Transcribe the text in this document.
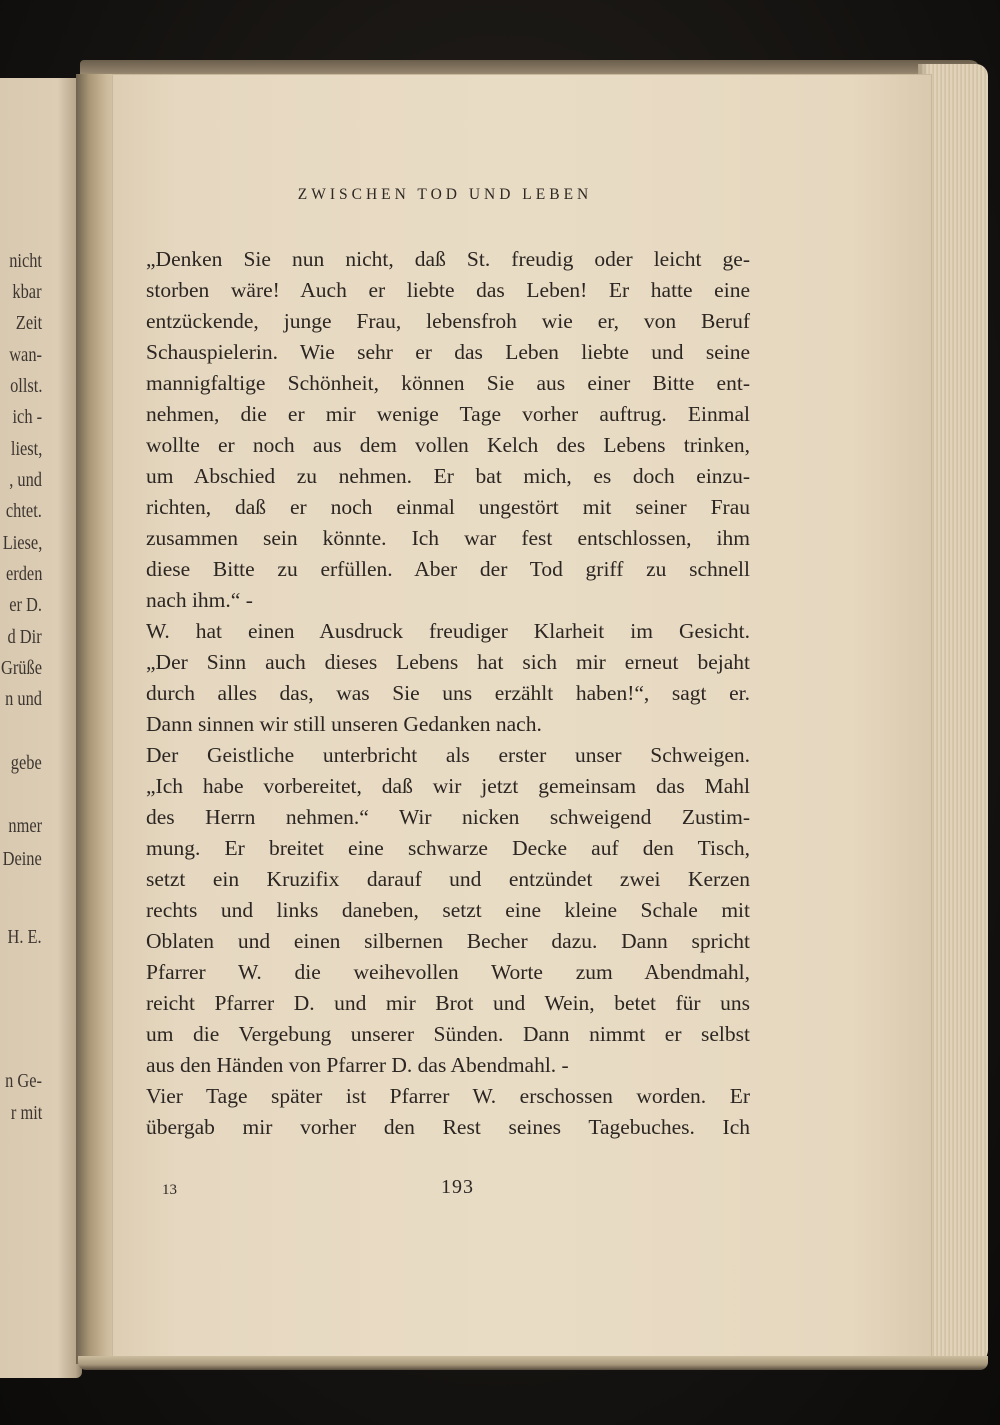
nicht
kbar
Zeit
wan-
ollst.
ich -
liest,
, und
chtet.
Liese,
erden
er D.
d Dir
Grüße
n und
gebe
nmer
Deine
H. E.
n Ge-
r mit
ZWISCHEN TOD UND LEBEN
„Denken Sie nun nicht, daß St. freudig oder leicht ge-
storben wäre! Auch er liebte das Leben! Er hatte eine
entzückende, junge Frau, lebensfroh wie er, von Beruf
Schauspielerin. Wie sehr er das Leben liebte und seine
mannigfaltige Schönheit, können Sie aus einer Bitte ent-
nehmen, die er mir wenige Tage vorher auftrug. Einmal
wollte er noch aus dem vollen Kelch des Lebens trinken,
um Abschied zu nehmen. Er bat mich, es doch einzu-
richten, daß er noch einmal ungestört mit seiner Frau
zusammen sein könnte. Ich war fest entschlossen, ihm
diese Bitte zu erfüllen. Aber der Tod griff zu schnell
nach ihm.“ -
W. hat einen Ausdruck freudiger Klarheit im Gesicht.
„Der Sinn auch dieses Lebens hat sich mir erneut bejaht
durch alles das, was Sie uns erzählt haben!“, sagt er.
Dann sinnen wir still unseren Gedanken nach.
Der Geistliche unterbricht als erster unser Schweigen.
„Ich habe vorbereitet, daß wir jetzt gemeinsam das Mahl
des Herrn nehmen.“ Wir nicken schweigend Zustim-
mung. Er breitet eine schwarze Decke auf den Tisch,
setzt ein Kruzifix darauf und entzündet zwei Kerzen
rechts und links daneben, setzt eine kleine Schale mit
Oblaten und einen silbernen Becher dazu. Dann spricht
Pfarrer W. die weihevollen Worte zum Abendmahl,
reicht Pfarrer D. und mir Brot und Wein, betet für uns
um die Vergebung unserer Sünden. Dann nimmt er selbst
aus den Händen von Pfarrer D. das Abendmahl. -
Vier Tage später ist Pfarrer W. erschossen worden. Er
übergab mir vorher den Rest seines Tagebuches. Ich
13	193
